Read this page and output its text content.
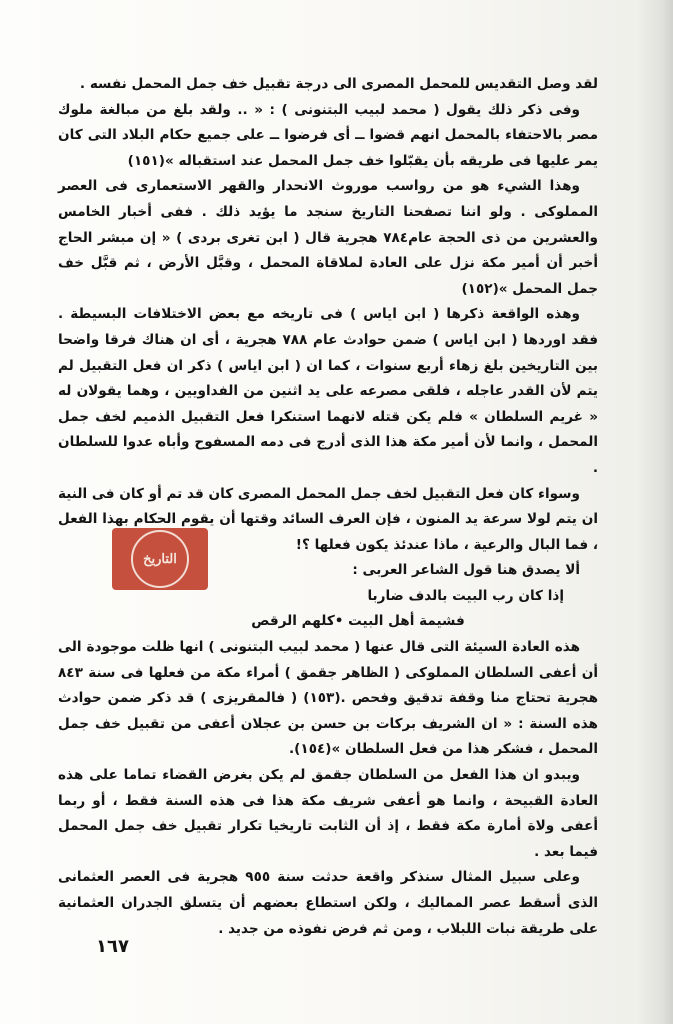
لقد وصل التقديس للمحمل المصرى الى درجة تقبيل خف جمل المحمل نفسه .

وفى ذكر ذلك يقول ( محمد لبيب البتنونى ) : « .. ولقد بلغ من مبالغة ملوك مصر بالاحتفاء بالمحمل انهم قضوا ــ أى فرضوا ــ على جميع حكام البلاد التى كان يمر عليها فى طريقه بأن يقبّلوا خف جمل المحمل عند استقباله »(١٥١)

وهذا الشيء هو من رواسب موروث الانحدار والقهر الاستعمارى فى العصر المملوكى . ولو اننا تصفحنا التاريخ سنجد ما يؤيد ذلك . ففى أخبار الخامس والعشرين من ذى الحجة عام٧٨٤ هجرية قال ( ابن تغرى بردى ) « إن مبشر الحاج أخبر أن أمير مكة نزل على العادة لملاقاة المحمل ، وقبَّل الأرض ، ثم قبَّل خف جمل المحمل »(١٥٢)

وهذه الواقعة ذكرها ( ابن اياس ) فى تاريخه مع بعض الاختلافات البسيطة . فقد اوردها ( ابن اياس ) ضمن حوادث عام ٧٨٨ هجرية ، أى ان هناك فرقا واضحا بين التاريخين بلغ زهاء أربع سنوات ، كما ان ( ابن اياس ) ذكر ان فعل التقبيل لم يتم لأن القدر عاجله ، فلقى مصرعه على يد اثنين من الفداويين ، وهما يقولان له « غريم السلطان » فلم يكن قتله لانهما استنكرا فعل التقبيل الذميم لخف جمل المحمل ، وانما لأن أمير مكة هذا الذى أدرج فى دمه المسفوح وأباه عدوا للسلطان .

وسواء كان فعل التقبيل لخف جمل المحمل المصرى كان قد تم أو كان فى النية ان يتم لولا سرعة يد المنون ، فإن العرف السائد وقتها أن يقوم الحكام بهذا الفعل ، فما البال والرعية ، ماذا عندئذ يكون فعلها ؟!

ألا يصدق هنا قول الشاعر العربى :

إذا كان رب البيت بالدف ضاربا

فشيمة أهل البيت •كلهم الرقص

هذه العادة السيئة التى قال عنها ( محمد لبيب البتنونى ) انها ظلت موجودة الى أن أعفى السلطان المملوكى ( الظاهر جقمق ) أمراء مكة من فعلها فى سنة ٨٤٣ هجرية تحتاج منا وقفة تدقيق وفحص .(١٥٣) ( فالمقريزى ) قد ذكر ضمن حوادث هذه السنة : « ان الشريف بركات بن حسن بن عجلان أعفى من تقبيل خف جمل المحمل ، فشكر هذا من فعل السلطان »(١٥٤).

ويبدو ان هذا الفعل من السلطان جقمق لم يكن بغرض القضاء تماما على هذه العادة القبيحة ، وانما هو أعفى شريف مكة هذا فى هذه السنة فقط ، أو ربما أعفى ولاة أمارة مكة فقط ، إذ أن الثابت تاريخيا تكرار تقبيل خف جمل المحمل فيما بعد .

وعلى سبيل المثال سنذكر واقعة حدثت سنة ٩٥٥ هجرية فى العصر العثمانى الذى أسقط عصر المماليك ، ولكن استطاع بعضهم أن يتسلق الجدران العثمانية على طريقة نبات اللبلاب ، ومن ثم فرض نفوذه من جديد .

التاريخ
١٦٧
